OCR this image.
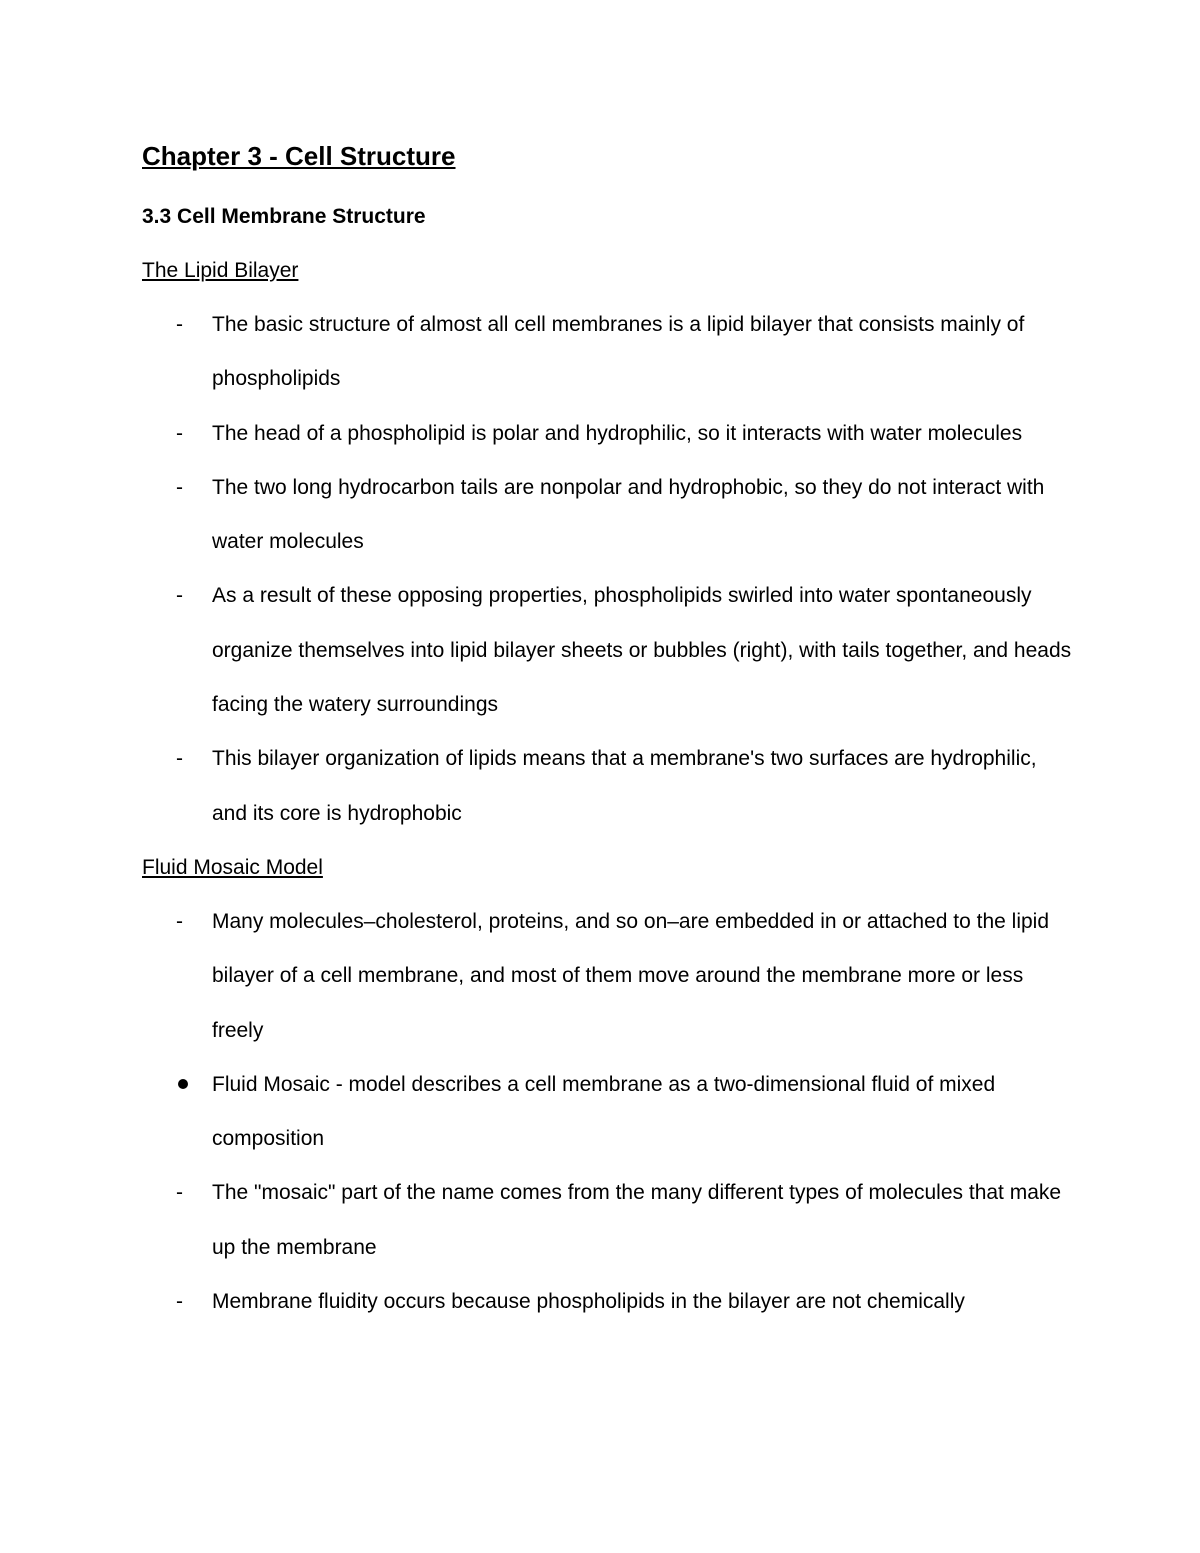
Chapter 3 - Cell Structure
3.3 Cell Membrane Structure
The Lipid Bilayer
-	The basic structure of almost all cell membranes is a lipid bilayer that consists mainly of phospholipids
-	The head of a phospholipid is polar and hydrophilic, so it interacts with water molecules
-	The two long hydrocarbon tails are nonpolar and hydrophobic, so they do not interact with water molecules
-	As a result of these opposing properties, phospholipids swirled into water spontaneously organize themselves into lipid bilayer sheets or bubbles (right), with tails together, and heads facing the watery surroundings
-	This bilayer organization of lipids means that a membrane's two surfaces are hydrophilic, and its core is hydrophobic
Fluid Mosaic Model
-	Many molecules–cholesterol, proteins, and so on–are embedded in or attached to the lipid bilayer of a cell membrane, and most of them move around the membrane more or less freely
Fluid Mosaic - model describes a cell membrane as a two-dimensional fluid of mixed composition
-	The "mosaic" part of the name comes from the many different types of molecules that make up the membrane
-	Membrane fluidity occurs because phospholipids in the bilayer are not chemically
